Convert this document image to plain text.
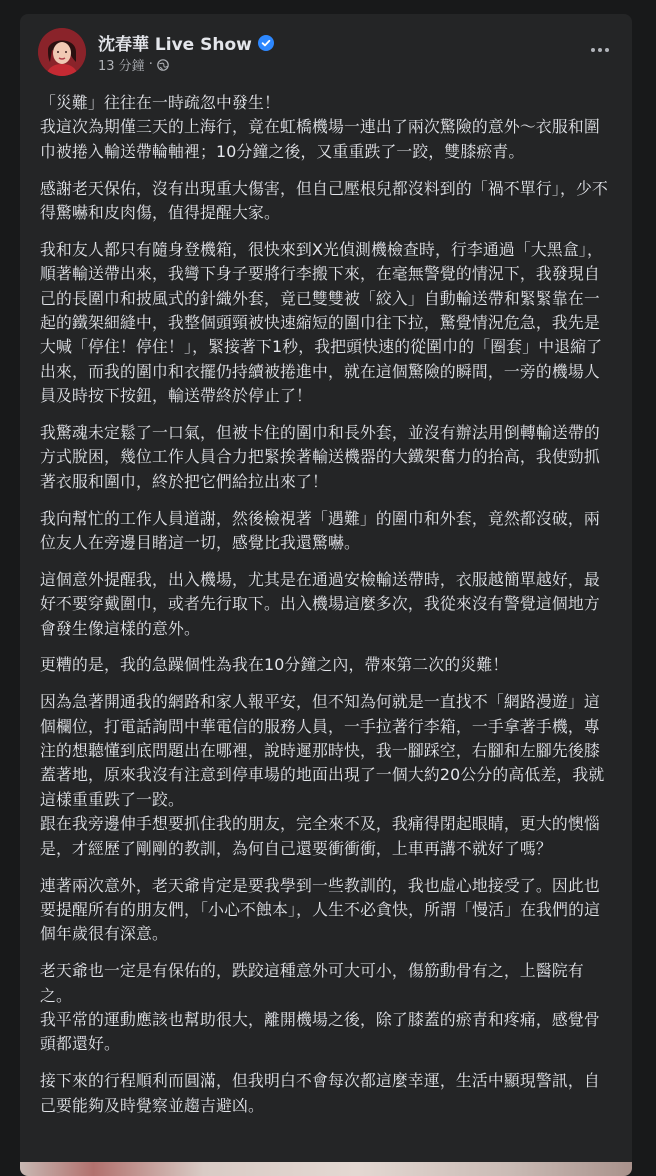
沈春華 Live Show
13 分鐘 ·

「災難」往往在一時疏忽中發生！
我這次為期僅三天的上海行，竟在虹橋機場一連出了兩次驚險的意外～衣服和圍巾被捲入輸送帶輪軸裡；10分鐘之後，又重重跌了一跤，雙膝瘀青。

感謝老天保佑，沒有出現重大傷害，但自己壓根兒都沒料到的「禍不單行」，少不得驚嚇和皮肉傷，值得提醒大家。

我和友人都只有隨身登機箱，很快來到X光偵測機檢查時，行李通過「大黑盒」，順著輸送帶出來，我彎下身子要將行李搬下來，在毫無警覺的情況下，我發現自己的長圍巾和披風式的針織外套，竟已雙雙被「絞入」自動輸送帶和緊緊靠在一起的鐵架細縫中，我整個頭頸被快速縮短的圍巾往下拉，驚覺情況危急，我先是大喊「停住！停住！」，緊接著下1秒，我把頭快速的從圍巾的「圈套」中退縮了出來，而我的圍巾和衣擺仍持續被捲進中，就在這個驚險的瞬間，一旁的機場人員及時按下按鈕，輸送帶終於停止了！

我驚魂未定鬆了一口氣，但被卡住的圍巾和長外套，並沒有辦法用倒轉輸送帶的方式脫困，幾位工作人員合力把緊挨著輸送機器的大鐵架奮力的抬高，我使勁抓著衣服和圍巾，終於把它們給拉出來了！

我向幫忙的工作人員道謝，然後檢視著「遇難」的圍巾和外套，竟然都沒破，兩位友人在旁邊目睹這一切，感覺比我還驚嚇。

這個意外提醒我，出入機場，尤其是在通過安檢輸送帶時，衣服越簡單越好，最好不要穿戴圍巾，或者先行取下。出入機場這麼多次，我從來沒有警覺這個地方會發生像這樣的意外。

更糟的是，我的急躁個性為我在10分鐘之內，帶來第二次的災難！

因為急著開通我的網路和家人報平安，但不知為何就是一直找不「網路漫遊」這個欄位，打電話詢問中華電信的服務人員，一手拉著行李箱，一手拿著手機，專注的想聽懂到底問題出在哪裡，說時遲那時快，我一腳踩空，右腳和左腳先後膝蓋著地，原來我沒有注意到停車場的地面出現了一個大約20公分的高低差，我就這樣重重跌了一跤。
跟在我旁邊伸手想要抓住我的朋友，完全來不及，我痛得閉起眼睛，更大的懊惱是，才經歷了剛剛的教訓，為何自己還要衝衝衝，上車再講不就好了嗎？

連著兩次意外，老天爺肯定是要我學到一些教訓的，我也虛心地接受了。因此也要提醒所有的朋友們，「小心不蝕本」，人生不必貪快，所謂「慢活」在我們的這個年歲很有深意。

老天爺也一定是有保佑的，跌跤這種意外可大可小，傷筋動骨有之，上醫院有之。
我平常的運動應該也幫助很大，離開機場之後，除了膝蓋的瘀青和疼痛，感覺骨頭都還好。

接下來的行程順利而圓滿，但我明白不會每次都這麼幸運，生活中顯現警訊，自己要能夠及時覺察並趨吉避凶。
